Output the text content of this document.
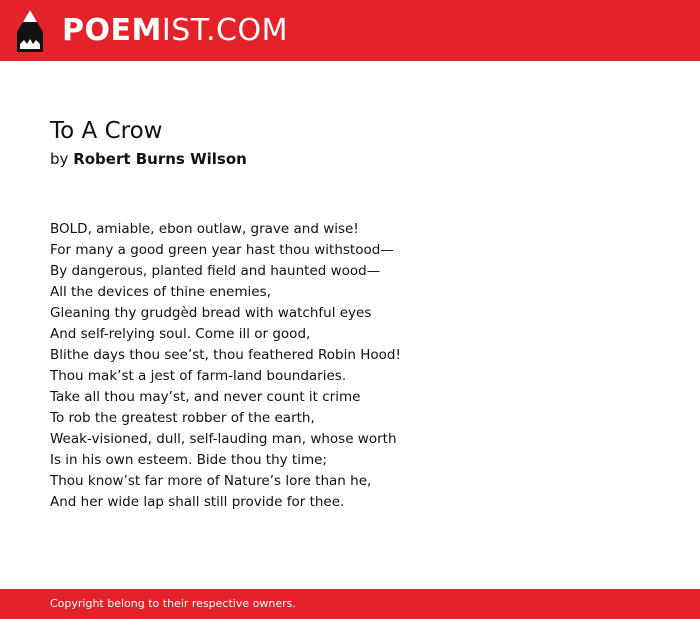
POEMIST.COM
To A Crow
by Robert Burns Wilson
BOLD, amiable, ebon outlaw, grave and wise!
For many a good green year hast thou withstood—
By dangerous, planted field and haunted wood—
All the devices of thine enemies,
Gleaning thy grudgèd bread with watchful eyes
And self-relying soul. Come ill or good,
Blithe days thou see’st, thou feathered Robin Hood!
Thou mak’st a jest of farm-land boundaries.
Take all thou may’st, and never count it crime
To rob the greatest robber of the earth,
Weak-visioned, dull, self-lauding man, whose worth
Is in his own esteem. Bide thou thy time;
Thou know’st far more of Nature’s lore than he,
And her wide lap shall still provide for thee.
Copyright belong to their respective owners.
